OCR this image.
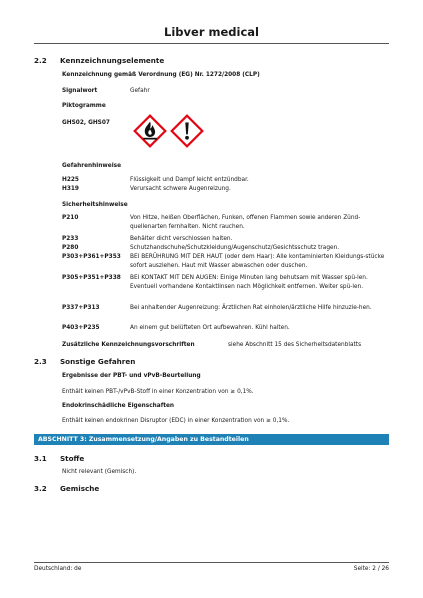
Libver medical
2.2 Kennzeichnungselemente
Kennzeichnung gemäß Verordnung (EG) Nr. 1272/2008 (CLP)
Signalwort	Gefahr
Piktogramme
GHS02, GHS07
Gefahrenhinweise
H225	Flüssigkeit und Dampf leicht entzündbar.
H319	Verursacht schwere Augenreizung.
Sicherheitshinweise
P210	Von Hitze, heißen Oberflächen, Funken, offenen Flammen sowie anderen Zünd-quellenarten fernhalten. Nicht rauchen.
P233	Behälter dicht verschlossen halten.
P280	Schutzhandschuhe/Schutzkleidung/Augenschutz/Gesichtsschutz tragen.
P303+P361+P353 BEI BERÜHRUNG MIT DER HAUT (oder dem Haar): Alle kontaminierten Kleidungs-stücke sofort ausziehen. Haut mit Wasser abwaschen oder duschen.
P305+P351+P338 BEI KONTAKT MIT DEN AUGEN: Einige Minuten lang behutsam mit Wasser spü-len. Eventuell vorhandene Kontaktlinsen nach Möglichkeit entfernen. Weiter spü-len.
P337+P313	Bei anhaltender Augenreizung: Ärztlichen Rat einholen/ärztliche Hilfe hinzuzie-hen.
P403+P235	An einem gut belüfteten Ort aufbewahren. Kühl halten.
Zusätzliche Kennzeichnungsvorschriften	siehe Abschnitt 15 des Sicherheitsdatenblatts
2.3 Sonstige Gefahren
Ergebnisse der PBT- und vPvB-Beurteilung
Enthält keinen PBT-/vPvB-Stoff in einer Konzentration von ≥ 0,1%.
Endokrinschädliche Eigenschaften
Enthält keinen endokrinen Disruptor (EDC) in einer Konzentration von ≥ 0,1%.
ABSCHNITT 3: Zusammensetzung/Angaben zu Bestandteilen
3.1 Stoffe
Nicht relevant (Gemisch).
3.2 Gemische
Deutschland: de	Seite: 2 / 26
